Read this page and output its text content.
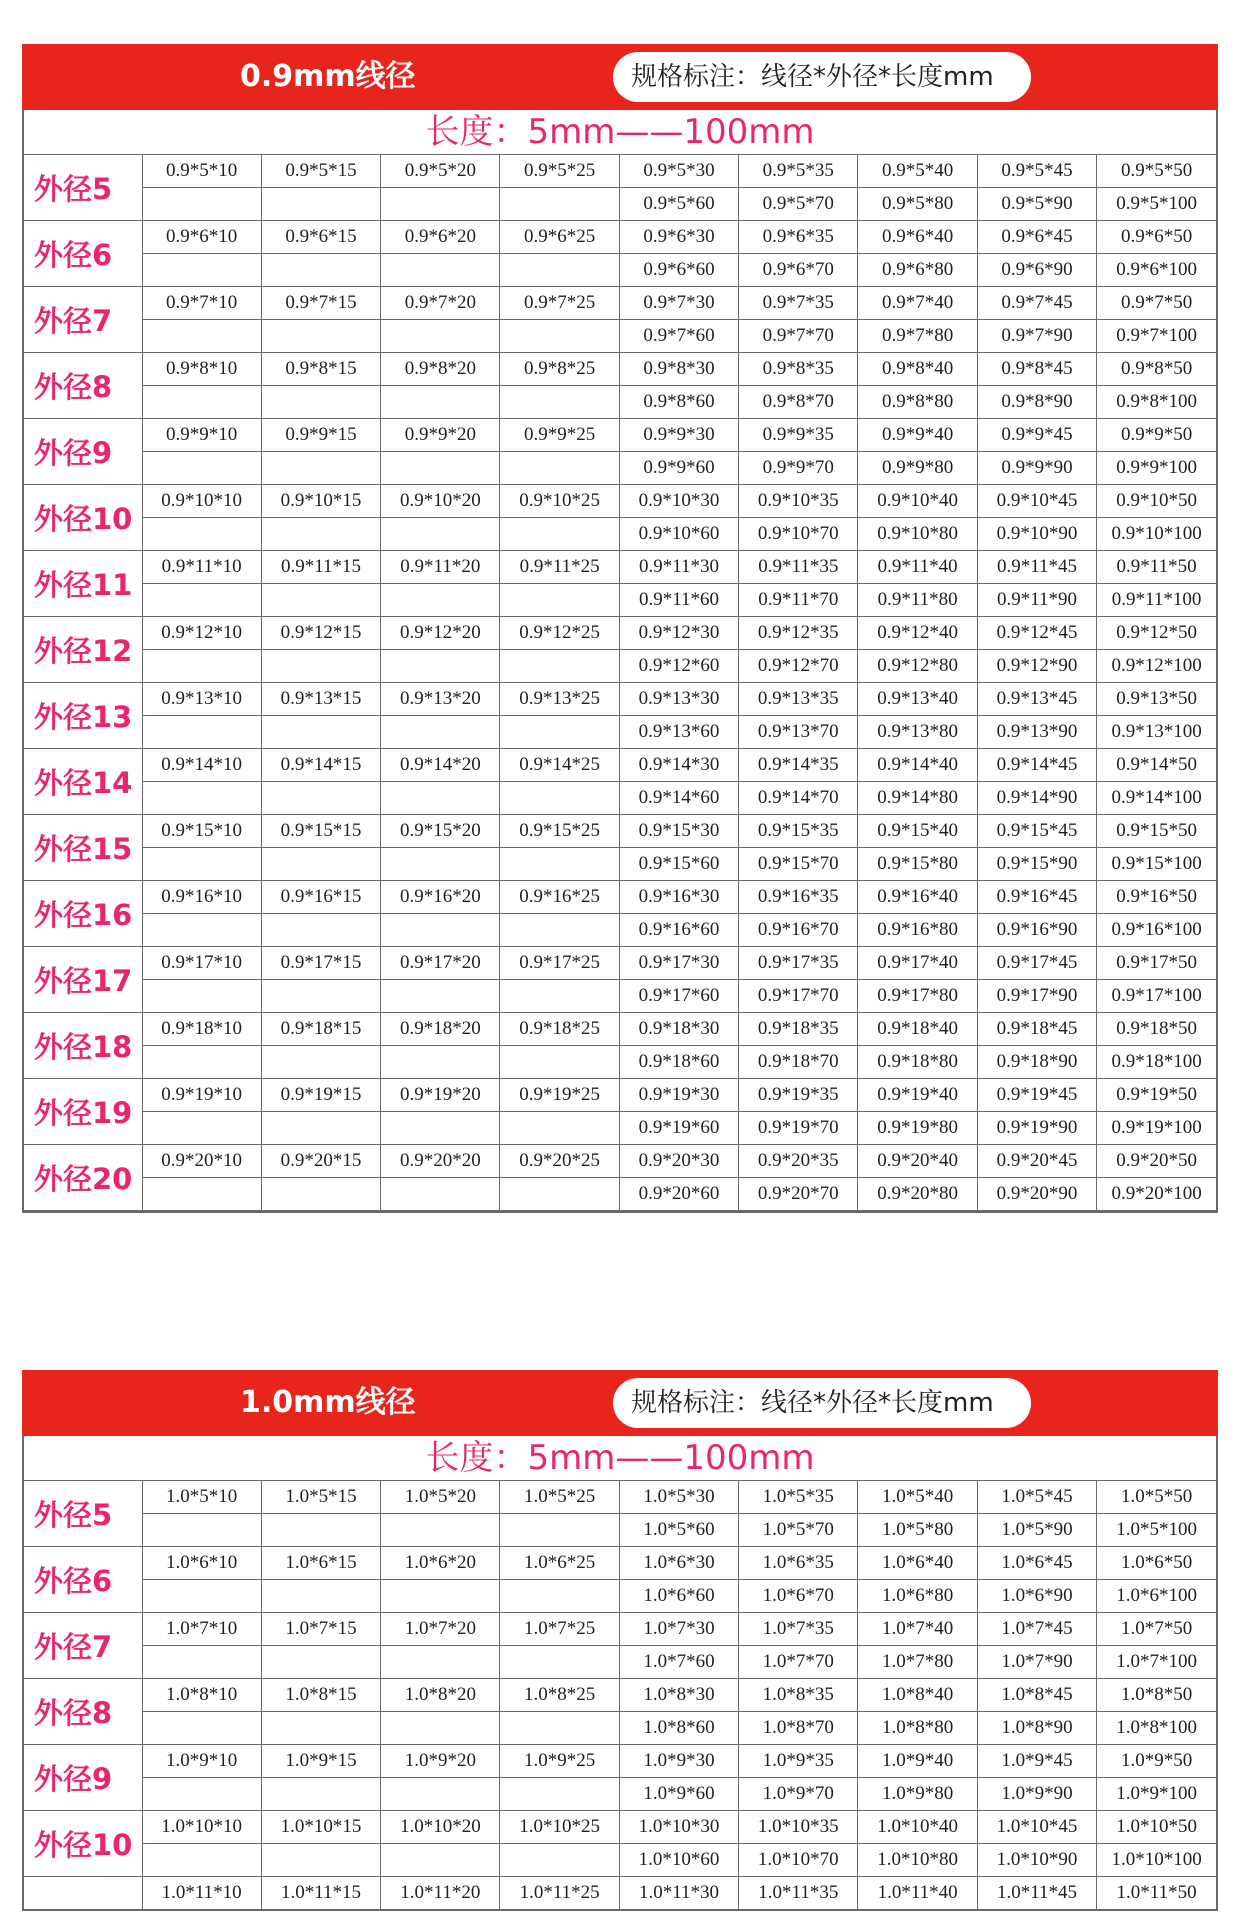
0.9mm线径	规格标注：线径*外径*长度mm
长度：5mm——100mm
外径5	0.9*5*10	0.9*5*15	0.9*5*20	0.9*5*25	0.9*5*30	0.9*5*35	0.9*5*40	0.9*5*45	0.9*5*50
					0.9*5*60	0.9*5*70	0.9*5*80	0.9*5*90	0.9*5*100
外径6	0.9*6*10	0.9*6*15	0.9*6*20	0.9*6*25	0.9*6*30	0.9*6*35	0.9*6*40	0.9*6*45	0.9*6*50
					0.9*6*60	0.9*6*70	0.9*6*80	0.9*6*90	0.9*6*100
外径7	0.9*7*10	0.9*7*15	0.9*7*20	0.9*7*25	0.9*7*30	0.9*7*35	0.9*7*40	0.9*7*45	0.9*7*50
					0.9*7*60	0.9*7*70	0.9*7*80	0.9*7*90	0.9*7*100
外径8	0.9*8*10	0.9*8*15	0.9*8*20	0.9*8*25	0.9*8*30	0.9*8*35	0.9*8*40	0.9*8*45	0.9*8*50
					0.9*8*60	0.9*8*70	0.9*8*80	0.9*8*90	0.9*8*100
外径9	0.9*9*10	0.9*9*15	0.9*9*20	0.9*9*25	0.9*9*30	0.9*9*35	0.9*9*40	0.9*9*45	0.9*9*50
					0.9*9*60	0.9*9*70	0.9*9*80	0.9*9*90	0.9*9*100
外径10	0.9*10*10	0.9*10*15	0.9*10*20	0.9*10*25	0.9*10*30	0.9*10*35	0.9*10*40	0.9*10*45	0.9*10*50
					0.9*10*60	0.9*10*70	0.9*10*80	0.9*10*90	0.9*10*100
外径11	0.9*11*10	0.9*11*15	0.9*11*20	0.9*11*25	0.9*11*30	0.9*11*35	0.9*11*40	0.9*11*45	0.9*11*50
					0.9*11*60	0.9*11*70	0.9*11*80	0.9*11*90	0.9*11*100
外径12	0.9*12*10	0.9*12*15	0.9*12*20	0.9*12*25	0.9*12*30	0.9*12*35	0.9*12*40	0.9*12*45	0.9*12*50
					0.9*12*60	0.9*12*70	0.9*12*80	0.9*12*90	0.9*12*100
外径13	0.9*13*10	0.9*13*15	0.9*13*20	0.9*13*25	0.9*13*30	0.9*13*35	0.9*13*40	0.9*13*45	0.9*13*50
					0.9*13*60	0.9*13*70	0.9*13*80	0.9*13*90	0.9*13*100
外径14	0.9*14*10	0.9*14*15	0.9*14*20	0.9*14*25	0.9*14*30	0.9*14*35	0.9*14*40	0.9*14*45	0.9*14*50
					0.9*14*60	0.9*14*70	0.9*14*80	0.9*14*90	0.9*14*100
外径15	0.9*15*10	0.9*15*15	0.9*15*20	0.9*15*25	0.9*15*30	0.9*15*35	0.9*15*40	0.9*15*45	0.9*15*50
					0.9*15*60	0.9*15*70	0.9*15*80	0.9*15*90	0.9*15*100
外径16	0.9*16*10	0.9*16*15	0.9*16*20	0.9*16*25	0.9*16*30	0.9*16*35	0.9*16*40	0.9*16*45	0.9*16*50
					0.9*16*60	0.9*16*70	0.9*16*80	0.9*16*90	0.9*16*100
外径17	0.9*17*10	0.9*17*15	0.9*17*20	0.9*17*25	0.9*17*30	0.9*17*35	0.9*17*40	0.9*17*45	0.9*17*50
					0.9*17*60	0.9*17*70	0.9*17*80	0.9*17*90	0.9*17*100
外径18	0.9*18*10	0.9*18*15	0.9*18*20	0.9*18*25	0.9*18*30	0.9*18*35	0.9*18*40	0.9*18*45	0.9*18*50
					0.9*18*60	0.9*18*70	0.9*18*80	0.9*18*90	0.9*18*100
外径19	0.9*19*10	0.9*19*15	0.9*19*20	0.9*19*25	0.9*19*30	0.9*19*35	0.9*19*40	0.9*19*45	0.9*19*50
					0.9*19*60	0.9*19*70	0.9*19*80	0.9*19*90	0.9*19*100
外径20	0.9*20*10	0.9*20*15	0.9*20*20	0.9*20*25	0.9*20*30	0.9*20*35	0.9*20*40	0.9*20*45	0.9*20*50
					0.9*20*60	0.9*20*70	0.9*20*80	0.9*20*90	0.9*20*100
1.0mm线径	规格标注：线径*外径*长度mm
长度：5mm——100mm
外径5	1.0*5*10	1.0*5*15	1.0*5*20	1.0*5*25	1.0*5*30	1.0*5*35	1.0*5*40	1.0*5*45	1.0*5*50
					1.0*5*60	1.0*5*70	1.0*5*80	1.0*5*90	1.0*5*100
外径6	1.0*6*10	1.0*6*15	1.0*6*20	1.0*6*25	1.0*6*30	1.0*6*35	1.0*6*40	1.0*6*45	1.0*6*50
					1.0*6*60	1.0*6*70	1.0*6*80	1.0*6*90	1.0*6*100
外径7	1.0*7*10	1.0*7*15	1.0*7*20	1.0*7*25	1.0*7*30	1.0*7*35	1.0*7*40	1.0*7*45	1.0*7*50
					1.0*7*60	1.0*7*70	1.0*7*80	1.0*7*90	1.0*7*100
外径8	1.0*8*10	1.0*8*15	1.0*8*20	1.0*8*25	1.0*8*30	1.0*8*35	1.0*8*40	1.0*8*45	1.0*8*50
					1.0*8*60	1.0*8*70	1.0*8*80	1.0*8*90	1.0*8*100
外径9	1.0*9*10	1.0*9*15	1.0*9*20	1.0*9*25	1.0*9*30	1.0*9*35	1.0*9*40	1.0*9*45	1.0*9*50
					1.0*9*60	1.0*9*70	1.0*9*80	1.0*9*90	1.0*9*100
外径10	1.0*10*10	1.0*10*15	1.0*10*20	1.0*10*25	1.0*10*30	1.0*10*35	1.0*10*40	1.0*10*45	1.0*10*50
					1.0*10*60	1.0*10*70	1.0*10*80	1.0*10*90	1.0*10*100
	1.0*11*10	1.0*11*15	1.0*11*20	1.0*11*25	1.0*11*30	1.0*11*35	1.0*11*40	1.0*11*45	1.0*11*50
